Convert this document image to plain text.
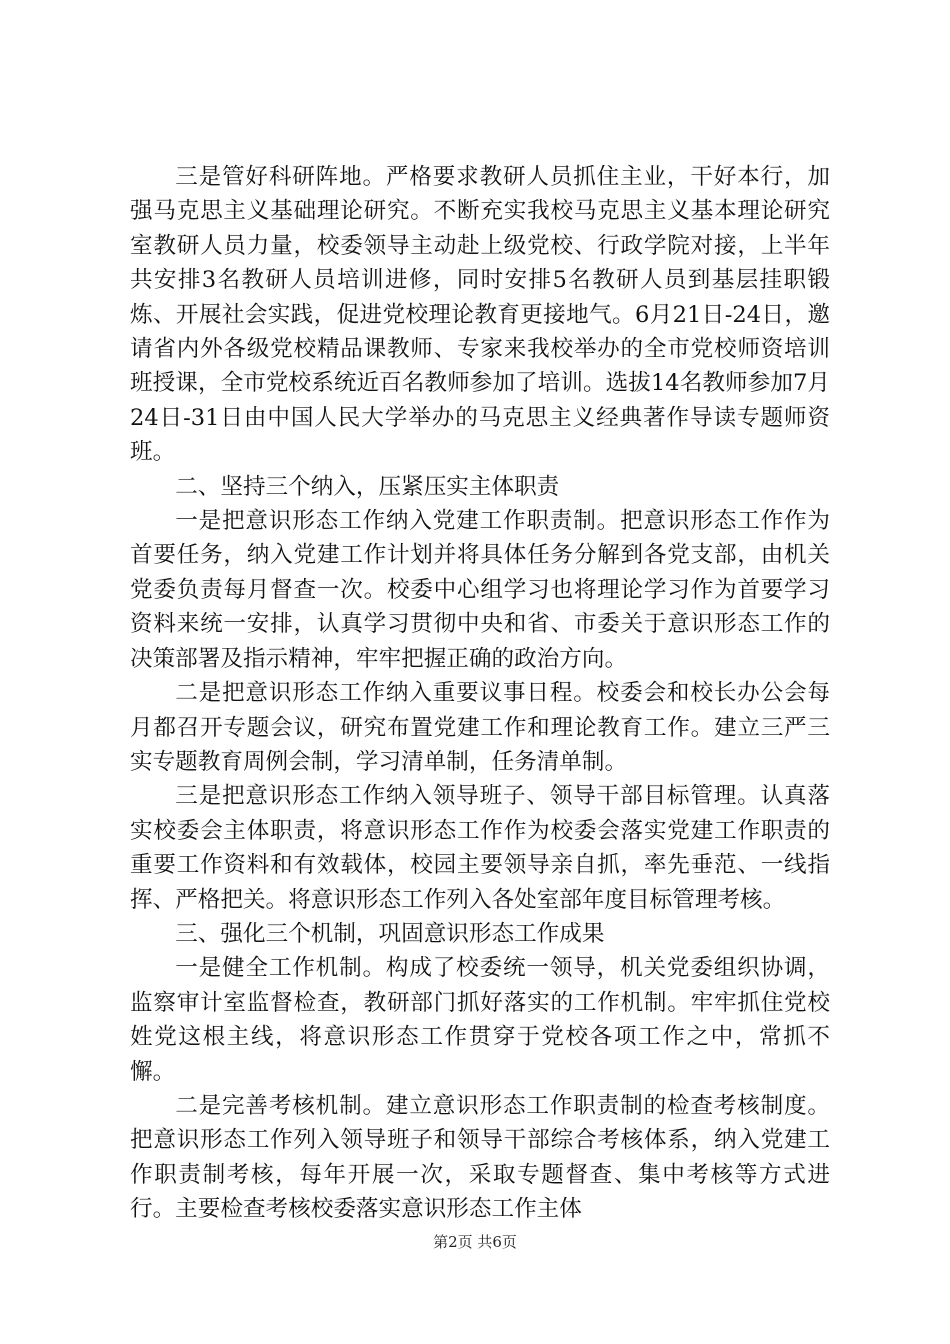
三是管好科研阵地。严格要求教研人员抓住主业，干好本行，加强马克思主义基础理论研究。不断充实我校马克思主义基本理论研究室教研人员力量，校委领导主动赴上级党校、行政学院对接，上半年共安排3名教研人员培训进修，同时安排5名教研人员到基层挂职锻炼、开展社会实践，促进党校理论教育更接地气。6月21日-24日，邀请省内外各级党校精品课教师、专家来我校举办的全市党校师资培训班授课，全市党校系统近百名教师参加了培训。选拔14名教师参加7月24日-31日由中国人民大学举办的马克思主义经典著作导读专题师资班。

二、坚持三个纳入，压紧压实主体职责

一是把意识形态工作纳入党建工作职责制。把意识形态工作作为首要任务，纳入党建工作计划并将具体任务分解到各党支部，由机关党委负责每月督查一次。校委中心组学习也将理论学习作为首要学习资料来统一安排，认真学习贯彻中央和省、市委关于意识形态工作的决策部署及指示精神，牢牢把握正确的政治方向。

二是把意识形态工作纳入重要议事日程。校委会和校长办公会每月都召开专题会议，研究布置党建工作和理论教育工作。建立三严三实专题教育周例会制，学习清单制，任务清单制。

三是把意识形态工作纳入领导班子、领导干部目标管理。认真落实校委会主体职责，将意识形态工作作为校委会落实党建工作职责的重要工作资料和有效载体，校园主要领导亲自抓，率先垂范、一线指挥、严格把关。将意识形态工作列入各处室部年度目标管理考核。

三、强化三个机制，巩固意识形态工作成果

一是健全工作机制。构成了校委统一领导，机关党委组织协调，监察审计室监督检查，教研部门抓好落实的工作机制。牢牢抓住党校姓党这根主线，将意识形态工作贯穿于党校各项工作之中，常抓不懈。

二是完善考核机制。建立意识形态工作职责制的检查考核制度。把意识形态工作列入领导班子和领导干部综合考核体系，纳入党建工作职责制考核，每年开展一次，采取专题督查、集中考核等方式进行。主要检查考核校委落实意识形态工作主体

第2页 共6页
